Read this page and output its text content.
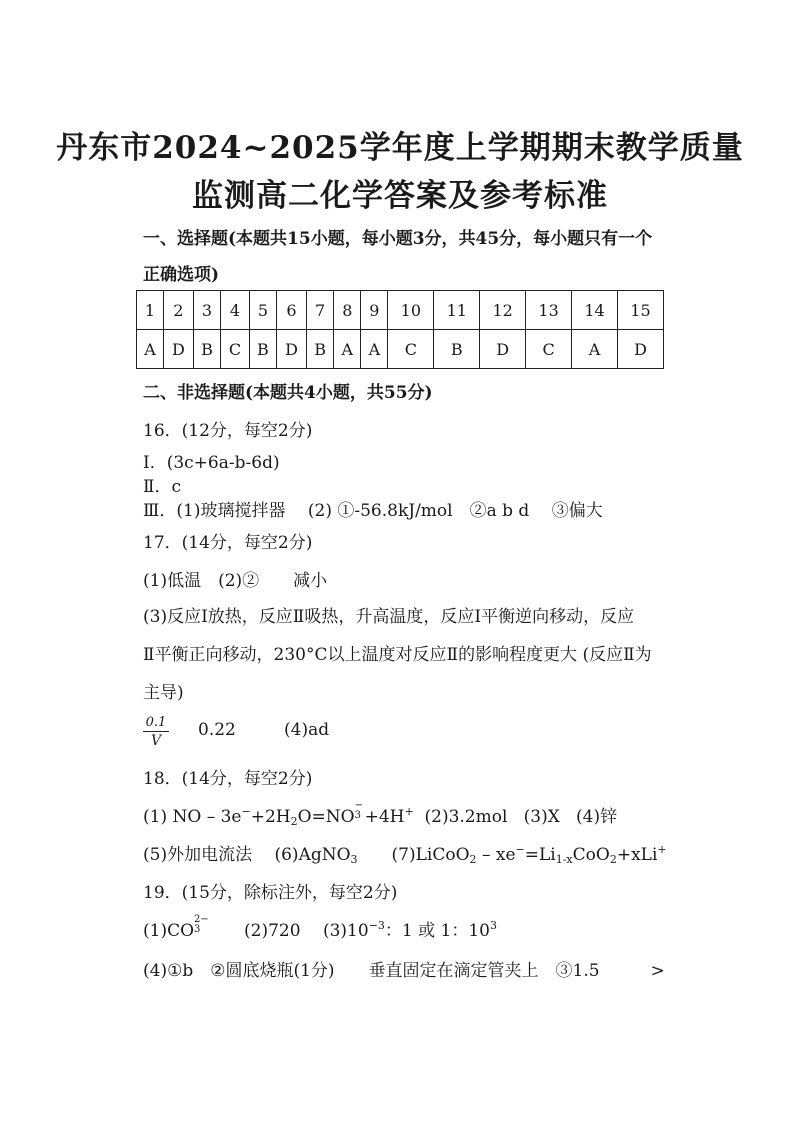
丹东市2024~2025学年度上学期期末教学质量
监测高二化学答案及参考标准
一、选择题(本题共15小题，每小题3分，共45分，每小题只有一个
正确选项)
1	2	3	4	5	6	7	8	9	10	11	12	13	14	15
A	D	B	C	B	D	B	A	A	C	B	D	C	A	D
二、非选择题(本题共4小题，共55分)
16．(12分，每空2分)
Ⅰ．(3c+6a-b-6d)
Ⅱ．c
Ⅲ．(1)玻璃搅拌器　 (2) ①-56.8kJ/mol　②a b d　 ③偏大
17．(14分，每空2分)
(1)低温　(2)②　　减小
(3)反应Ⅰ放热，反应Ⅱ吸热，升高温度，反应Ⅰ平衡逆向移动，反应
Ⅱ平衡正向移动，230°C以上温度对反应Ⅱ的影响程度更大 (反应Ⅱ为
主导)
$\frac{0.1}{V} 0.22$	(4)ad
18．(14分，每空2分)
(1) NO – $3e^-+2H_2O=NO$
−
3 +4H+  (2)3.2mol   (3)X   (4)锌
(5)外加电流法　 (6)AgNO$_3$　　(7)LiCoO$_2$ – $xe^-=Li_{1-x}CoO_2+xLi^+$
19．(15分，除标注外，每空2分)
(1)CO
2−
3 　　(2)720　 $(3)10^{-3}$：1 或 1：$10^3$
(4)①b　②圆底烧瓶(1分)　　垂直固定在滴定管夹上　③1.5　　　>
